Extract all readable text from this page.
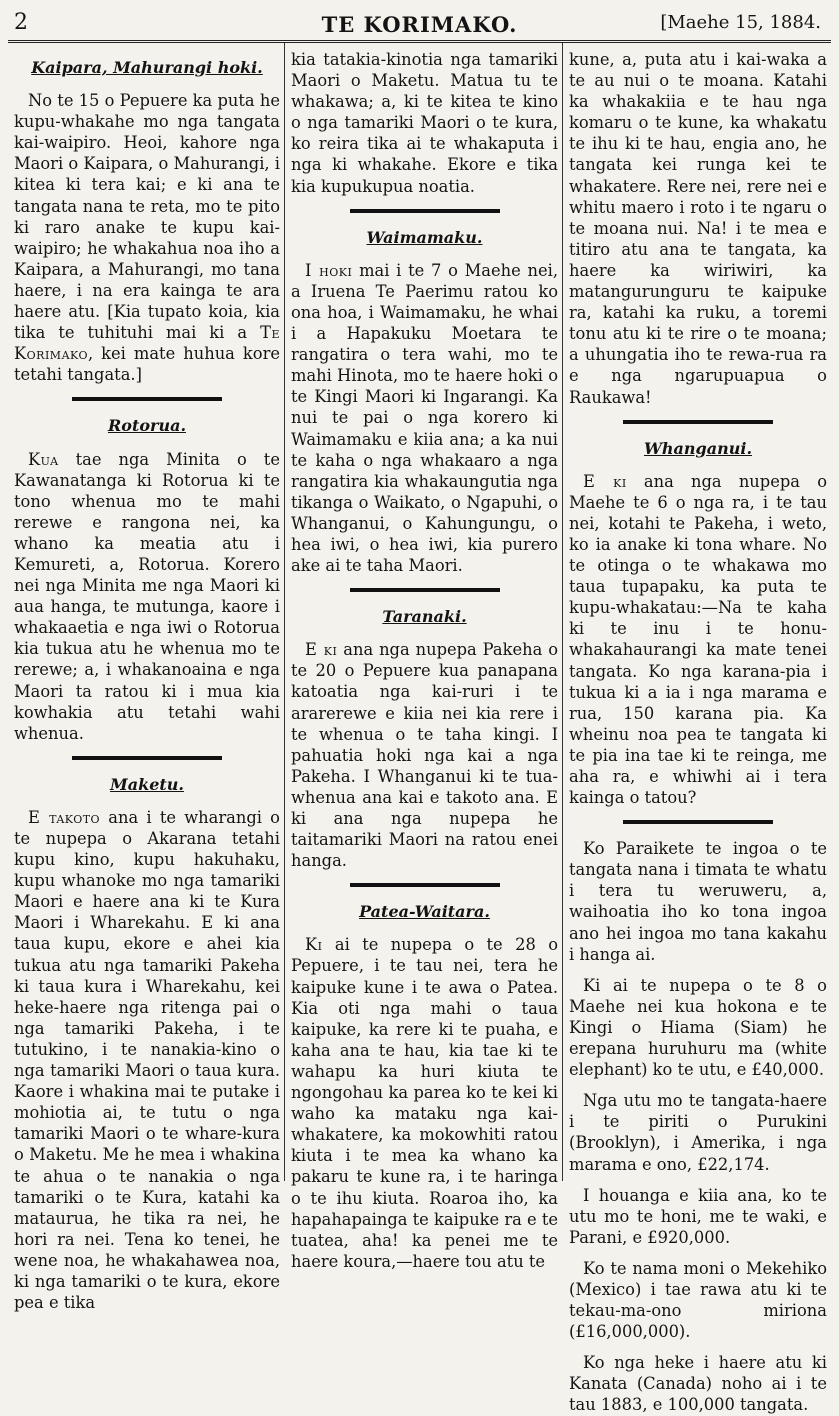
2	TE KORIMAKO.	[Maehe 15, 1884.
Kaipara, Mahurangi hoki.

No te 15 o Pepuere ka puta he kupu-whakahe mo nga tangata kai-waipiro. Heoi, kahore nga Maori o Kaipara, o Mahurangi, i kitea ki tera kai; e ki ana te tangata nana te reta, mo te pito ki raro anake te kupu kai-waipiro; he whakahua noa iho a Kaipara, a Mahurangi, mo tana haere, i na era kainga te ara haere atu. [Kia tupato koia, kia tika te tuhituhi mai ki a Te Korimako, kei mate huhua kore tetahi tangata.]

Rotorua.

Kua tae nga Minita o te Kawanatanga ki Rotorua ki te tono whenua mo te mahi rerewe e rangona nei, ka whano ka meatia atu i Kemureti, a, Rotorua. Korero nei nga Minita me nga Maori ki aua hanga, te mutunga, kaore i whakaaetia e nga iwi o Rotorua kia tukua atu he whenua mo te rerewe; a, i whakanoaina e nga Maori ta ratou ki i mua kia kowhakia atu tetahi wahi whenua.

Maketu.

E takoto ana i te wharangi o te nupepa o Akarana tetahi kupu kino, kupu hakuhaku, kupu whanoke mo nga tamariki Maori e haere ana ki te Kura Maori i Wharekahu. E ki ana taua kupu, ekore e ahei kia tukua atu nga tamariki Pakeha ki taua kura i Wharekahu, kei heke-haere nga ritenga pai o nga tamariki Pakeha, i te tutukino, i te nanakia-kino o nga tamariki Maori o taua kura. Kaore i whakina mai te putake i mohiotia ai, te tutu o nga tamariki Maori o te whare-kura o Maketu. Me he mea i whakina te ahua o te nanakia o nga tamariki o te Kura, katahi ka mataurua, he tika ra nei, he hori ra nei. Tena ko tenei, he wene noa, he whakahawea noa, ki nga tamariki o te kura, ekore pea e tika

kia tatakia-kinotia nga tamariki Maori o Maketu. Matua tu te whakawa; a, ki te kitea te kino o nga tamariki Maori o te kura, ko reira tika ai te whakaputa i nga ki whakahe. Ekore e tika kia kupukupua noatia.

Waimamaku.

I hoki mai i te 7 o Maehe nei, a Iruena Te Paerimu ratou ko ona hoa, i Waimamaku, he whai i a Hapakuku Moetara te rangatira o tera wahi, mo te mahi Hinota, mo te haere hoki o te Kingi Maori ki Ingarangi. Ka nui te pai o nga korero ki Waimamaku e kiia ana; a ka nui te kaha o nga whakaaro a nga rangatira kia whakaungutia nga tikanga o Waikato, o Ngapuhi, o Whanganui, o Kahungungu, o hea iwi, o hea iwi, kia purero ake ai te taha Maori.

Taranaki.

E ki ana nga nupepa Pakeha o te 20 o Pepuere kua panapana katoatia nga kai-ruri i te ararerewe e kiia nei kia rere i te whenua o te taha kingi. I pahuatia hoki nga kai a nga Pakeha. I Whanganui ki te tua-whenua ana kai e takoto ana. E ki ana nga nupepa he taitamariki Maori na ratou enei hanga.

Patea-Waitara.

Ki ai te nupepa o te 28 o Pepuere, i te tau nei, tera he kaipuke kune i te awa o Patea. Kia oti nga mahi o taua kaipuke, ka rere ki te puaha, e kaha ana te hau, kia tae ki te wahapu ka huri kiuta te ngongohau ka parea ko te kei ki waho ka mataku nga kai-whakatere, ka mokowhiti ratou kiuta i te mea ka whano ka pakaru te kune ra, i te haringa o te ihu kiuta. Roaroa iho, ka hapahapainga te kaipuke ra e te tuatea, aha! ka penei me te haere koura,—haere tou atu te

kune, a, puta atu i kai-waka a te au nui o te moana. Katahi ka whakakiia e te hau nga komaru o te kune, ka whakatu te ihu ki te hau, engia ano, he tangata kei runga kei te whakatere. Rere nei, rere nei e whitu maero i roto i te ngaru o te moana nui. Na! i te mea e titiro atu ana te tangata, ka haere ka wiriwiri, ka matangurunguru te kaipuke ra, katahi ka ruku, a toremi tonu atu ki te rire o te moana; a uhungatia iho te rewa-rua ra e nga ngarupuapua o Raukawa!

Whanganui.

E ki ana nga nupepa o Maehe te 6 o nga ra, i te tau nei, kotahi te Pakeha, i weto, ko ia anake ki tona whare. No te otinga o te whakawa mo taua tupapaku, ka puta te kupu-whakatau:—Na te kaha ki te inu i te honu-whakahaurangi ka mate tenei tangata. Ko nga karana-pia i tukua ki a ia i nga marama e rua, 150 karana pia. Ka wheinu noa pea te tangata ki te pia ina tae ki te reinga, me aha ra, e whiwhi ai i tera kainga o tatou?

Ko Paraikete te ingoa o te tangata nana i timata te whatu i tera tu weruweru, a, waihoatia iho ko tona ingoa ano hei ingoa mo tana kakahu i hanga ai.

Ki ai te nupepa o te 8 o Maehe nei kua hokona e te Kingi o Hiama (Siam) he erepana huruhuru ma (white elephant) ko te utu, e £40,000.

Nga utu mo te tangata-haere i te piriti o Purukini (Brooklyn), i Amerika, i nga marama e ono, £22,174.

I houanga e kiia ana, ko te utu mo te honi, me te waki, e Parani, e £920,000.

Ko te nama moni o Mekehiko (Mexico) i tae rawa atu ki te tekau-ma-ono miriona (£16,000,000).

Ko nga heke i haere atu ki Kanata (Canada) noho ai i te tau 1883, e 100,000 tangata.
